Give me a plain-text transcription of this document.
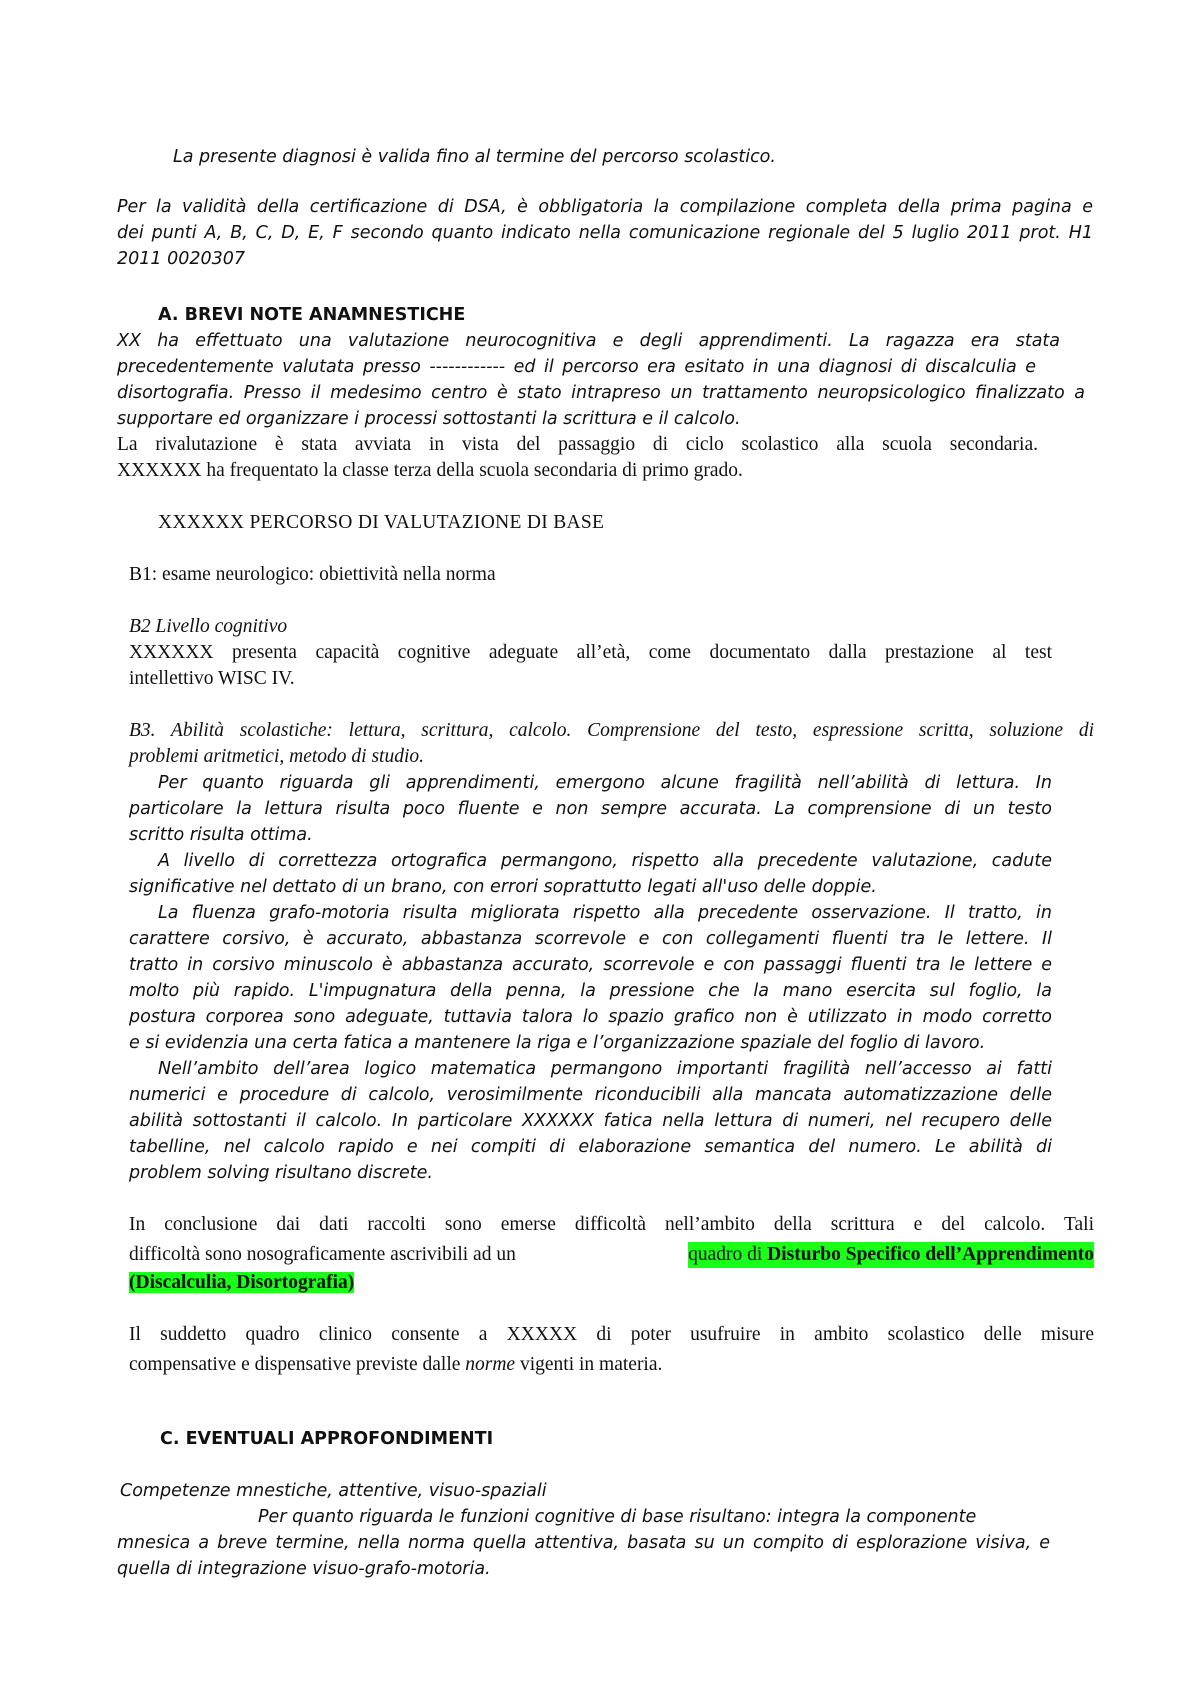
La presente diagnosi è valida fino al termine del percorso scolastico.
Per la validità della certificazione di DSA, è obbligatoria la compilazione completa della prima pagina e
dei punti A, B, C, D, E, F secondo quanto indicato nella comunicazione regionale del 5 luglio 2011 prot. H1
2011 0020307
A. BREVI NOTE ANAMNESTICHE
XX ha effettuato una valutazione neurocognitiva e degli apprendimenti. La ragazza era stata
precedentemente valutata presso ------------ ed il percorso era esitato in una diagnosi di discalculia e
disortografia. Presso il medesimo centro è stato intrapreso un trattamento neuropsicologico finalizzato a
supportare ed organizzare i processi sottostanti la scrittura e il calcolo.
La rivalutazione è stata avviata in vista del passaggio di ciclo scolastico alla scuola secondaria.
XXXXXX ha frequentato la classe terza della scuola secondaria di primo grado.
XXXXXX PERCORSO DI VALUTAZIONE DI BASE
B1: esame neurologico: obiettività nella norma
B2 Livello cognitivo
XXXXXX presenta capacità cognitive adeguate all’età, come documentato dalla prestazione al test
intellettivo WISC IV.
B3. Abilità scolastiche: lettura, scrittura, calcolo. Comprensione del testo, espressione scritta, soluzione di
problemi aritmetici, metodo di studio.
Per quanto riguarda gli apprendimenti, emergono alcune fragilità nell’abilità di lettura. In
particolare la lettura risulta poco fluente e non sempre accurata. La comprensione di un testo
scritto risulta ottima.
A livello di correttezza ortografica permangono, rispetto alla precedente valutazione, cadute
significative nel dettato di un brano, con errori soprattutto legati all'uso delle doppie.
La fluenza grafo-motoria risulta migliorata rispetto alla precedente osservazione. Il tratto, in
carattere corsivo, è accurato, abbastanza scorrevole e con collegamenti fluenti tra le lettere. Il
tratto in corsivo minuscolo è abbastanza accurato, scorrevole e con passaggi fluenti tra le lettere e
molto più rapido. L'impugnatura della penna, la pressione che la mano esercita sul foglio, la
postura corporea sono adeguate, tuttavia talora lo spazio grafico non è utilizzato in modo corretto
e si evidenzia una certa fatica a mantenere la riga e l’organizzazione spaziale del foglio di lavoro.
Nell’ambito dell’area logico matematica permangono importanti fragilità nell’accesso ai fatti
numerici e procedure di calcolo, verosimilmente riconducibili alla mancata automatizzazione delle
abilità sottostanti il calcolo. In particolare XXXXXX fatica nella lettura di numeri, nel recupero delle
tabelline, nel calcolo rapido e nei compiti di elaborazione semantica del numero. Le abilità di
problem solving risultano discrete.
In conclusione dai dati raccolti sono emerse difficoltà nell’ambito della scrittura e del calcolo. Tali
difficoltà sono nosograficamente ascrivibili ad un	quadro di Disturbo Specifico dell’Apprendimento
(Discalculia, Disortografia)
Il suddetto quadro clinico consente a XXXXX di poter usufruire in ambito scolastico delle misure
compensative e dispensative previste dalle norme vigenti in materia.
C. EVENTUALI APPROFONDIMENTI
Competenze mnestiche, attentive, visuo-spaziali
Per quanto riguarda le funzioni cognitive di base risultano: integra la componente
mnesica a breve termine, nella norma quella attentiva, basata su un compito di esplorazione visiva, e
quella di integrazione visuo-grafo-motoria.
